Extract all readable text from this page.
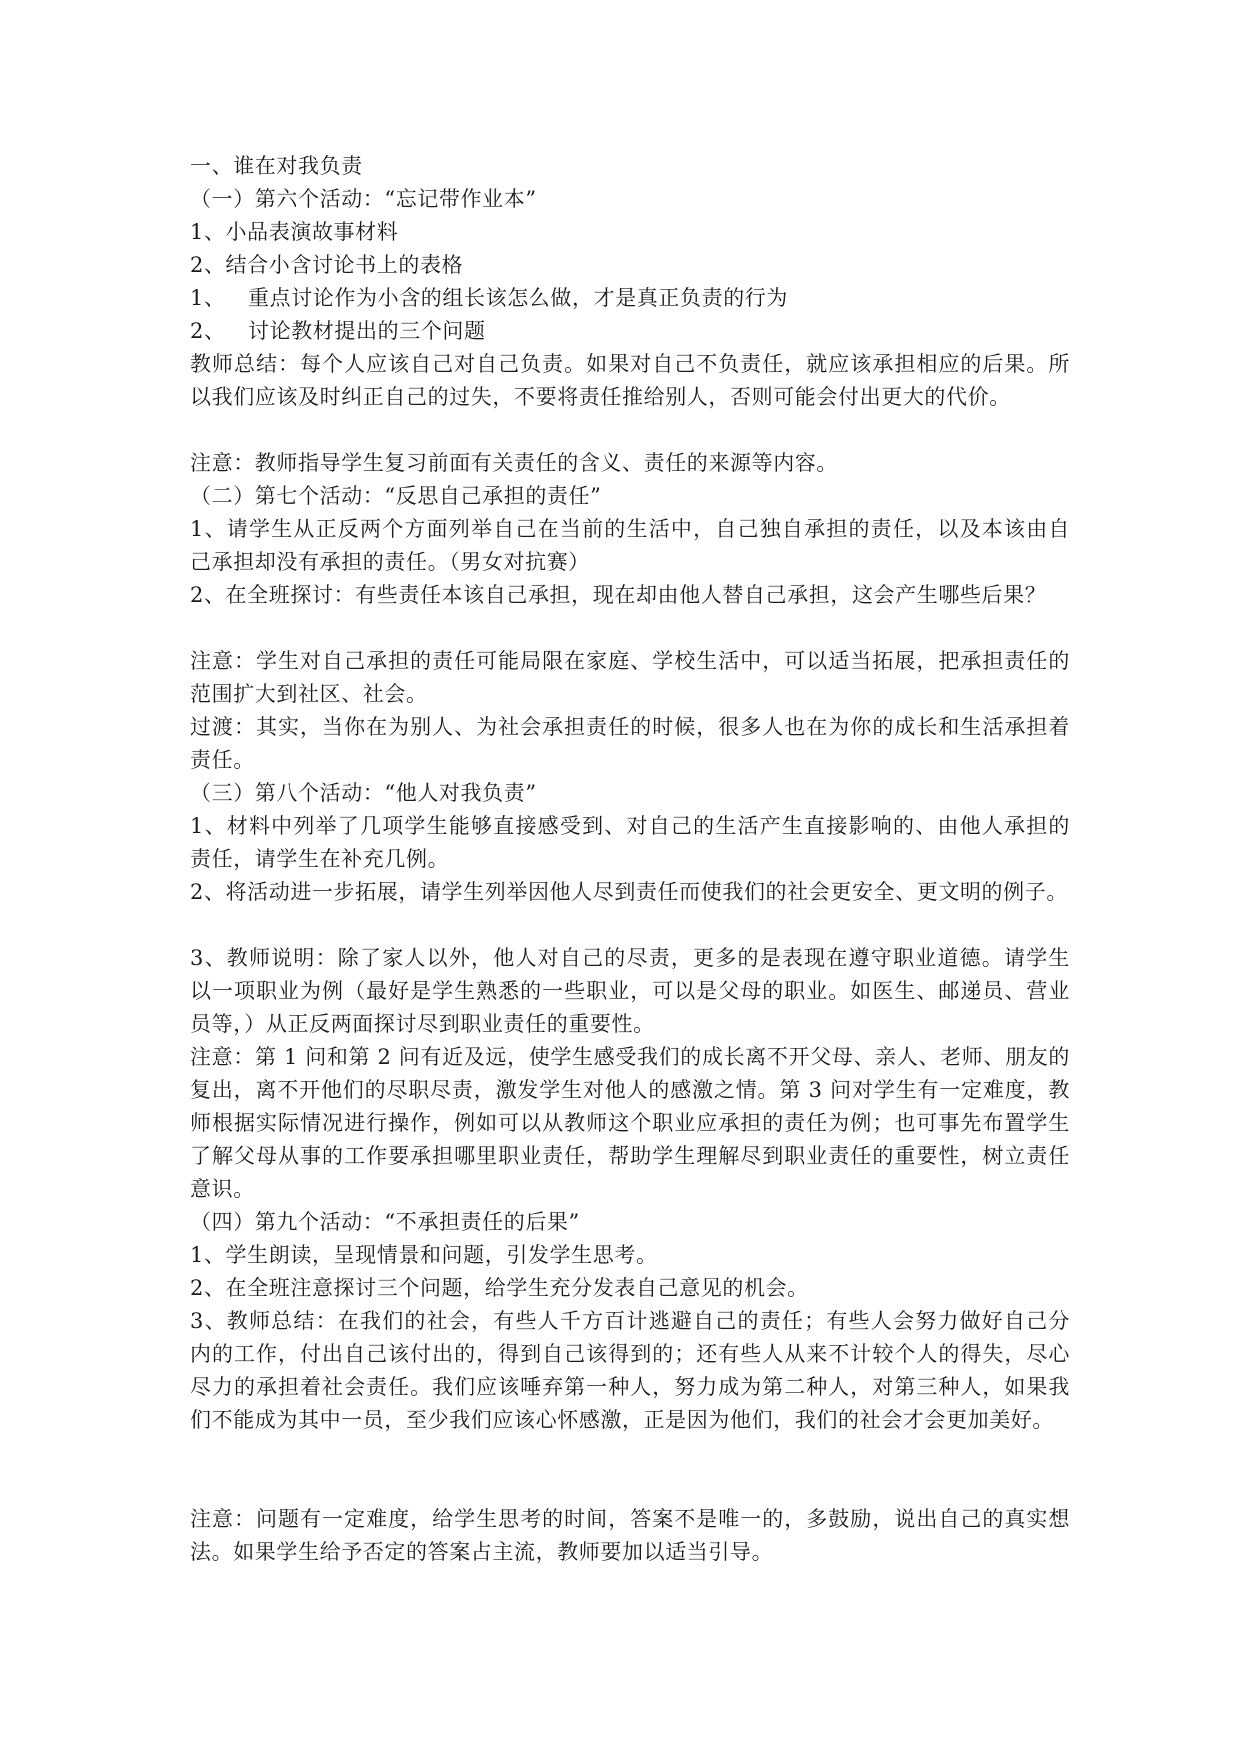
一、谁在对我负责
（一）第六个活动：“忘记带作业本”
1、小品表演故事材料
2、结合小含讨论书上的表格
1、 重点讨论作为小含的组长该怎么做，才是真正负责的行为
2、 讨论教材提出的三个问题
教师总结：每个人应该自己对自己负责。如果对自己不负责任，就应该承担相应的后果。所
以我们应该及时纠正自己的过失，不要将责任推给别人，否则可能会付出更大的代价。
注意：教师指导学生复习前面有关责任的含义、责任的来源等内容。
（二）第七个活动：“反思自己承担的责任”
1、请学生从正反两个方面列举自己在当前的生活中，自己独自承担的责任，以及本该由自
己承担却没有承担的责任。（男女对抗赛）
2、在全班探讨：有些责任本该自己承担，现在却由他人替自己承担，这会产生哪些后果？
注意：学生对自己承担的责任可能局限在家庭、学校生活中，可以适当拓展，把承担责任的
范围扩大到社区、社会。
过渡：其实，当你在为别人、为社会承担责任的时候，很多人也在为你的成长和生活承担着
责任。
（三）第八个活动：“他人对我负责”
1、材料中列举了几项学生能够直接感受到、对自己的生活产生直接影响的、由他人承担的
责任，请学生在补充几例。
2、将活动进一步拓展，请学生列举因他人尽到责任而使我们的社会更安全、更文明的例子。
3、教师说明：除了家人以外，他人对自己的尽责，更多的是表现在遵守职业道德。请学生
以一项职业为例（最好是学生熟悉的一些职业，可以是父母的职业。如医生、邮递员、营业
员等，）从正反两面探讨尽到职业责任的重要性。
注意：第 1 问和第 2 问有近及远，使学生感受我们的成长离不开父母、亲人、老师、朋友的
复出，离不开他们的尽职尽责，激发学生对他人的感激之情。第 3 问对学生有一定难度，教
师根据实际情况进行操作，例如可以从教师这个职业应承担的责任为例；也可事先布置学生
了解父母从事的工作要承担哪里职业责任，帮助学生理解尽到职业责任的重要性，树立责任
意识。
（四）第九个活动：“不承担责任的后果”
1、学生朗读，呈现情景和问题，引发学生思考。
2、在全班注意探讨三个问题，给学生充分发表自己意见的机会。
3、教师总结：在我们的社会，有些人千方百计逃避自己的责任；有些人会努力做好自己分
内的工作，付出自己该付出的，得到自己该得到的；还有些人从来不计较个人的得失，尽心
尽力的承担着社会责任。我们应该唾弃第一种人，努力成为第二种人，对第三种人，如果我
们不能成为其中一员，至少我们应该心怀感激，正是因为他们，我们的社会才会更加美好。
注意：问题有一定难度，给学生思考的时间，答案不是唯一的，多鼓励，说出自己的真实想
法。如果学生给予否定的答案占主流，教师要加以适当引导。
